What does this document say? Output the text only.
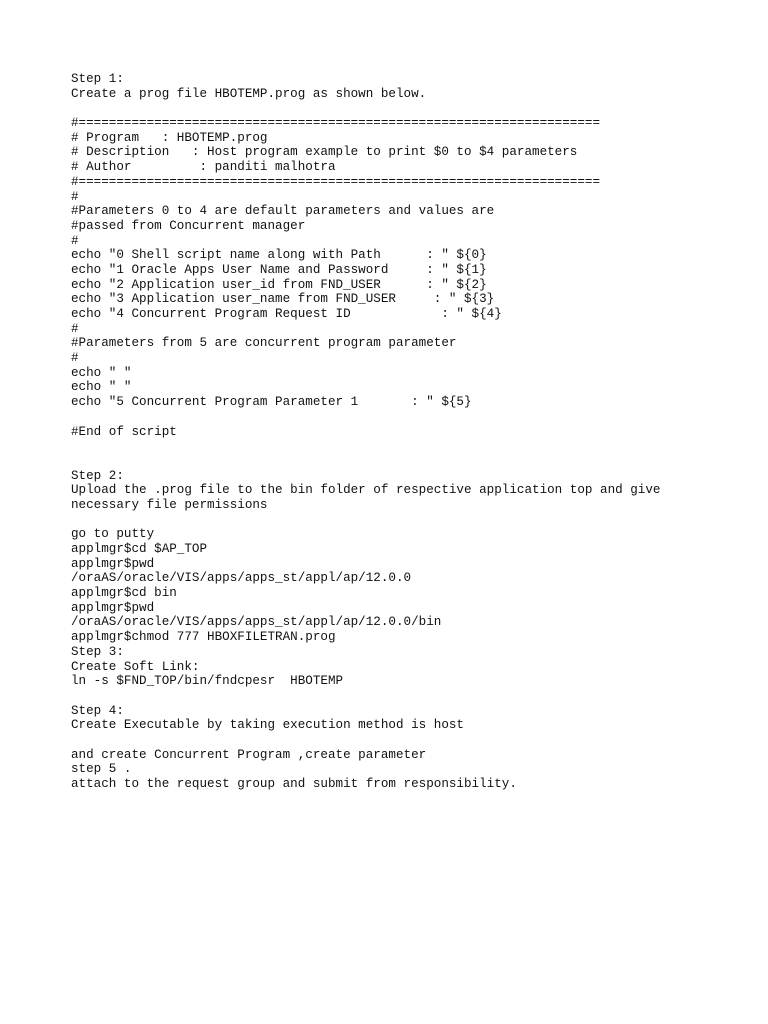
Step 1:
Create a prog file HBOTEMP.prog as shown below.
#=====================================================================
# Program   : HBOTEMP.prog
# Description   : Host program example to print $0 to $4 parameters
# Author         : panditi malhotra
#=====================================================================
#
#Parameters 0 to 4 are default parameters and values are
#passed from Concurrent manager
#
echo "0 Shell script name along with Path      : " ${0}
echo "1 Oracle Apps User Name and Password     : " ${1}
echo "2 Application user_id from FND_USER      : " ${2}
echo "3 Application user_name from FND_USER     : " ${3}
echo "4 Concurrent Program Request ID            : " ${4}
#
#Parameters from 5 are concurrent program parameter
#
echo " "
echo " "
echo "5 Concurrent Program Parameter 1       : " ${5}
#End of script
Step 2:
Upload the .prog file to the bin folder of respective application top and give
necessary file permissions
go to putty
applmgr$cd $AP_TOP
applmgr$pwd
/oraAS/oracle/VIS/apps/apps_st/appl/ap/12.0.0
applmgr$cd bin
applmgr$pwd
/oraAS/oracle/VIS/apps/apps_st/appl/ap/12.0.0/bin
applmgr$chmod 777 HBOXFILETRAN.prog
Step 3:
Create Soft Link:
ln -s $FND_TOP/bin/fndcpesr  HBOTEMP
Step 4:
Create Executable by taking execution method is host
and create Concurrent Program ,create parameter
step 5 .
attach to the request group and submit from responsibility.
